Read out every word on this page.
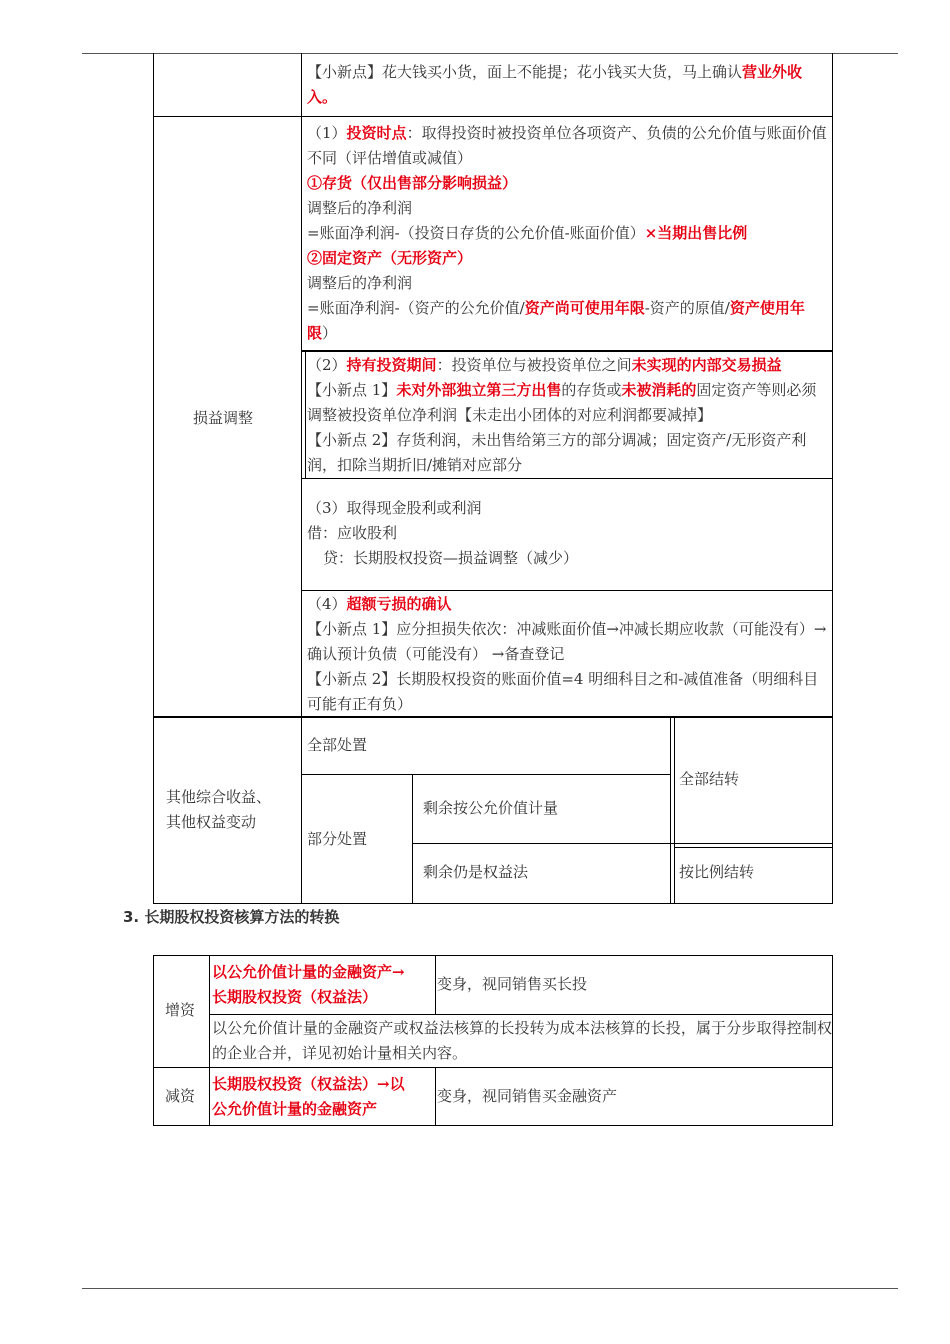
【小新点】花大钱买小货，面上不能提；花小钱买大货，马上确认营业外收入。
损益调整
（1）投资时点：取得投资时被投资单位各项资产、负债的公允价值与账面价值不同（评估增值或减值）
①存货（仅出售部分影响损益）
调整后的净利润
=账面净利润-（投资日存货的公允价值-账面价值）×当期出售比例
②固定资产（无形资产）
调整后的净利润
=账面净利润-（资产的公允价值/资产尚可使用年限-资产的原值/资产使用年限）
（2）持有投资期间：投资单位与被投资单位之间未实现的内部交易损益
【小新点 1】未对外部独立第三方出售的存货或未被消耗的固定资产等则必须调整被投资单位净利润【未走出小团体的对应利润都要减掉】
【小新点 2】存货利润，未出售给第三方的部分调减；固定资产/无形资产利润，扣除当期折旧/摊销对应部分
（3）取得现金股利或利润
借：应收股利
贷：长期股权投资—损益调整（减少）
（4）超额亏损的确认
【小新点 1】应分担损失依次：冲减账面价值→冲减长期应收款（可能没有）→确认预计负债（可能没有） →备查登记
【小新点 2】长期股权投资的账面价值=4 明细科目之和-减值准备（明细科目可能有正有负）
其他综合收益、
其他权益变动
全部处置
全部结转
部分处置
剩余按公允价值计量
剩余仍是权益法	按比例结转
3. 长期股权投资核算方法的转换
增资
以公允价值计量的金融资产→
长期股权投资（权益法）
变身，视同销售买长投
以公允价值计量的金融资产或权益法核算的长投转为成本法核算的长投，属于分步取得控制权的企业合并，详见初始计量相关内容。
减资
长期股权投资（权益法）→以
公允价值计量的金融资产
变身，视同销售买金融资产
